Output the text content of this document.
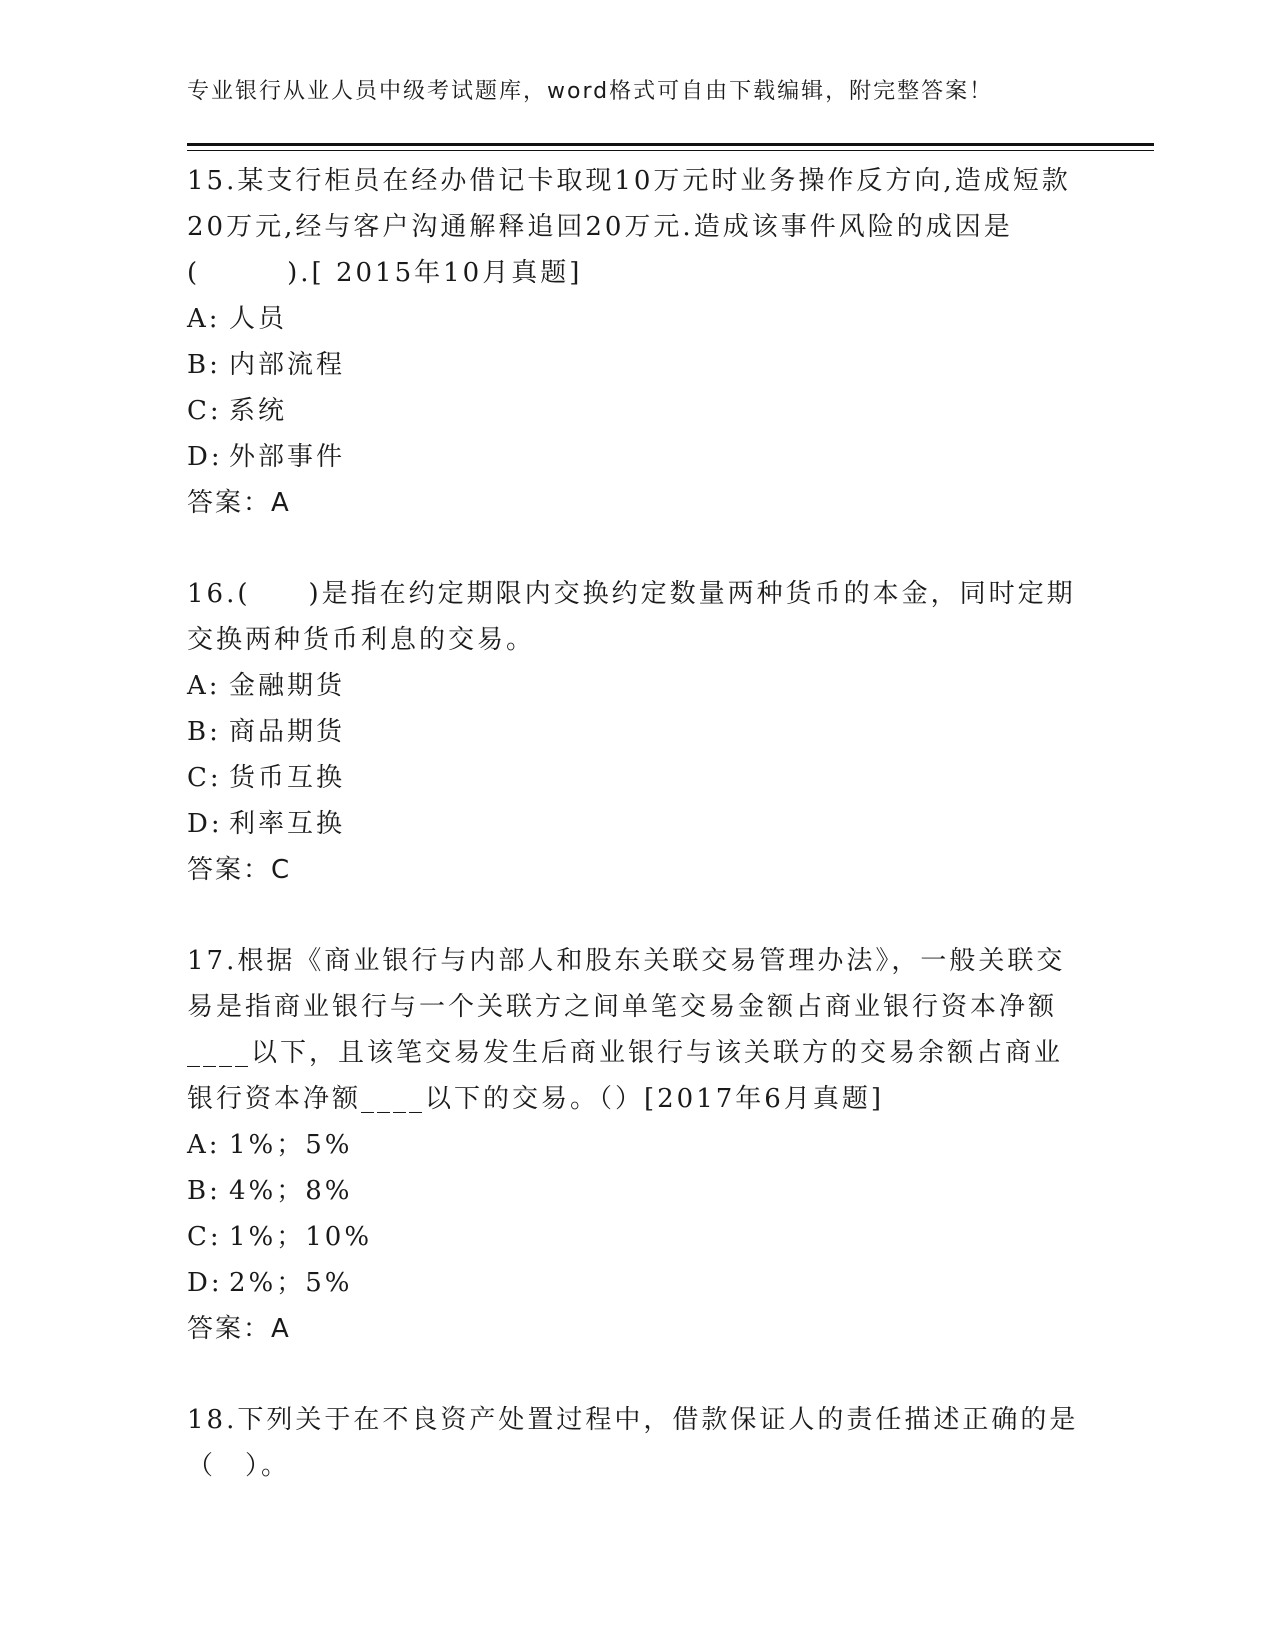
专业银行从业人员中级考试题库，word格式可自由下载编辑，附完整答案！
15.某支行柜员在经办借记卡取现10万元时业务操作反方向,造成短款
20万元,经与客户沟通解释追回20万元.造成该事件风险的成因是
(　　　).[ 2015年10月真题]
A: 人员
B: 内部流程
C: 系统
D: 外部事件
答案：A
16.(　　)是指在约定期限内交换约定数量两种货币的本金，同时定期
交换两种货币利息的交易。
A: 金融期货
B: 商品期货
C: 货币互换
D: 利率互换
答案：C
17.根据《商业银行与内部人和股东关联交易管理办法》，一般关联交
易是指商业银行与一个关联方之间单笔交易金额占商业银行资本净额
____以下，且该笔交易发生后商业银行与该关联方的交易余额占商业
银行资本净额____以下的交易。（）[2017年6月真题]
A: 1%；5%
B: 4%；8%
C: 1%；10%
D: 2%；5%
答案：A
18.下列关于在不良资产处置过程中，借款保证人的责任描述正确的是
（　）。
